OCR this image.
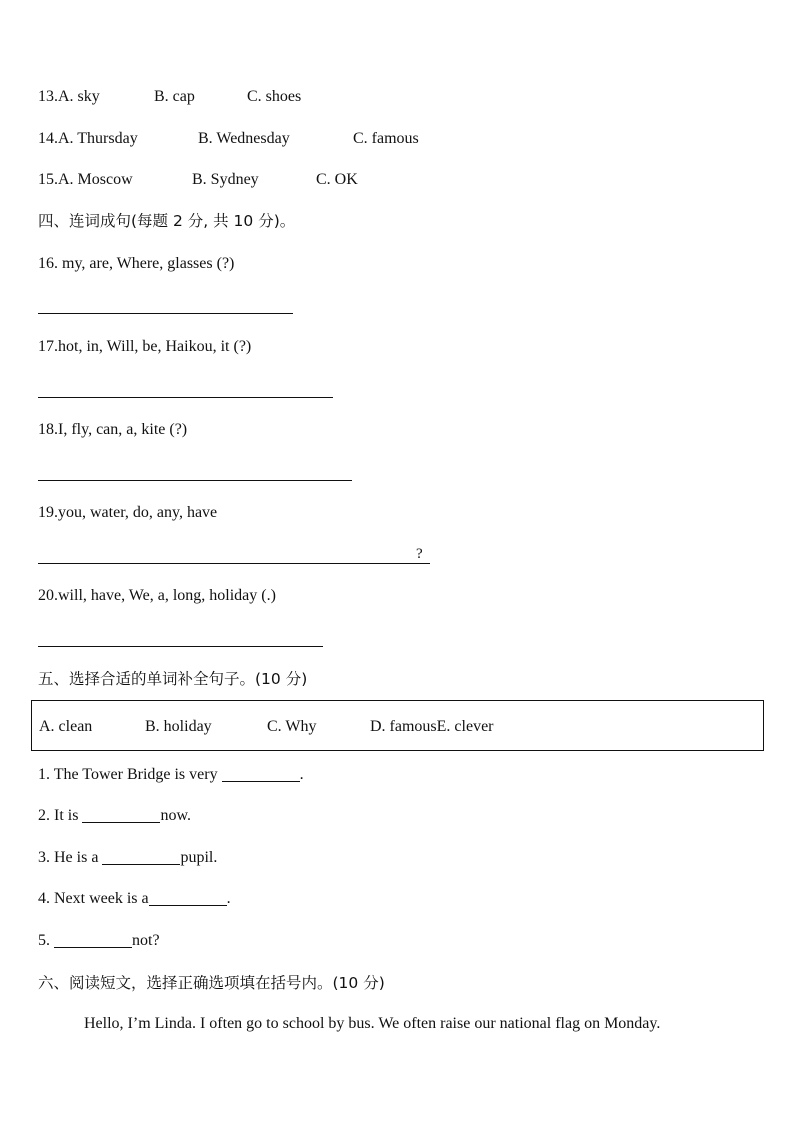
13.A. sky	B. cap	C. shoes
14.A. Thursday	B. Wednesday	C. famous
15.A. Moscow	B. Sydney	C. OK
四、连词成句(每题 2 分, 共 10 分)。
16. my, are, Where, glasses (?)
17.hot, in, Will, be, Haikou, it (?)
18.I, fly, can, a, kite (?)
19.you, water, do, any, have
?
20.will, have, We, a, long, holiday (.)
五、选择合适的单词补全句子。(10 分)
A. clean	B. holiday	C. Why	D. famousE. clever
1. The Tower Bridge is very	.
2. It is	now.
3. He is a	pupil.
4. Next week is a	.
5.	not?
六、阅读短文，选择正确选项填在括号内。(10 分)
Hello, I’m Linda. I often go to school by bus. We often raise our national flag on Monday.
